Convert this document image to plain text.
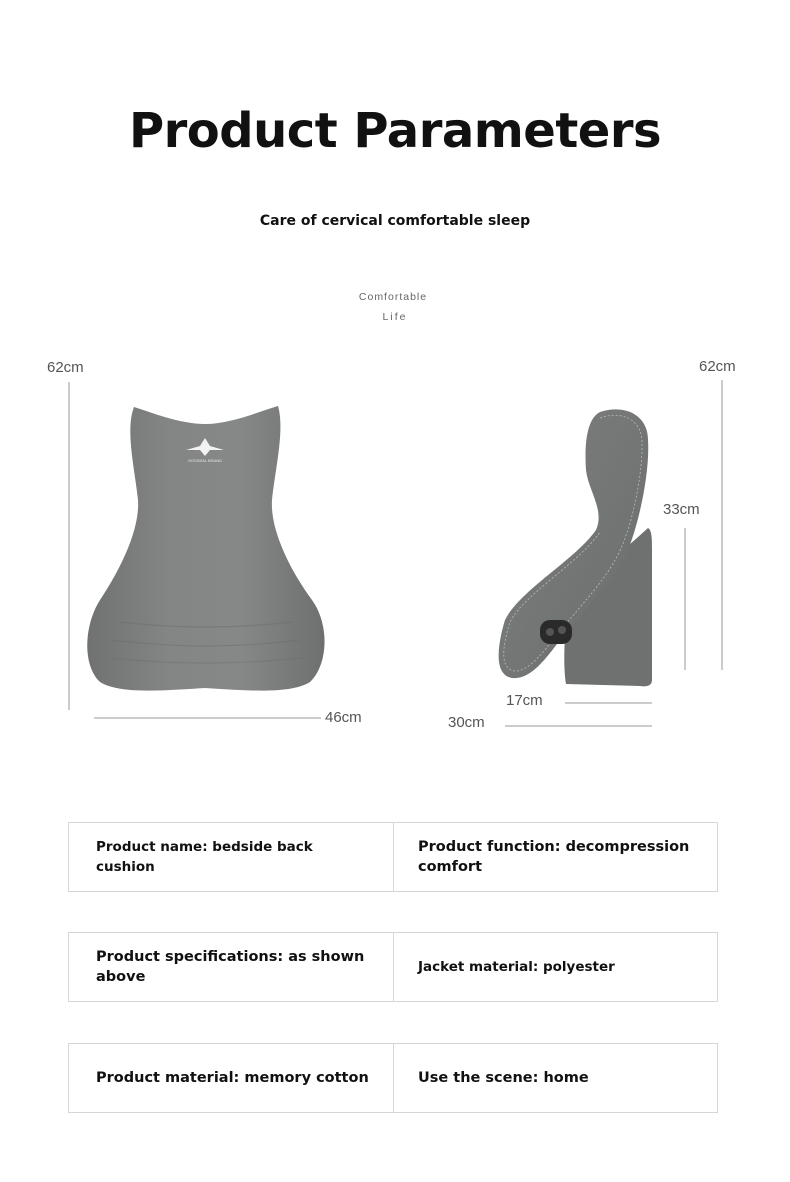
Product Parameters
Care of cervical comfortable sleep
Comfortable
Life
GOSSEAL BRAND
62cm
46cm
62cm
33cm
17cm
30cm
Product name: bedside back cushion
Product function: decompression comfort
Product specifications: as shown above
Jacket material: polyester
Product material: memory cotton	Use the scene: home
